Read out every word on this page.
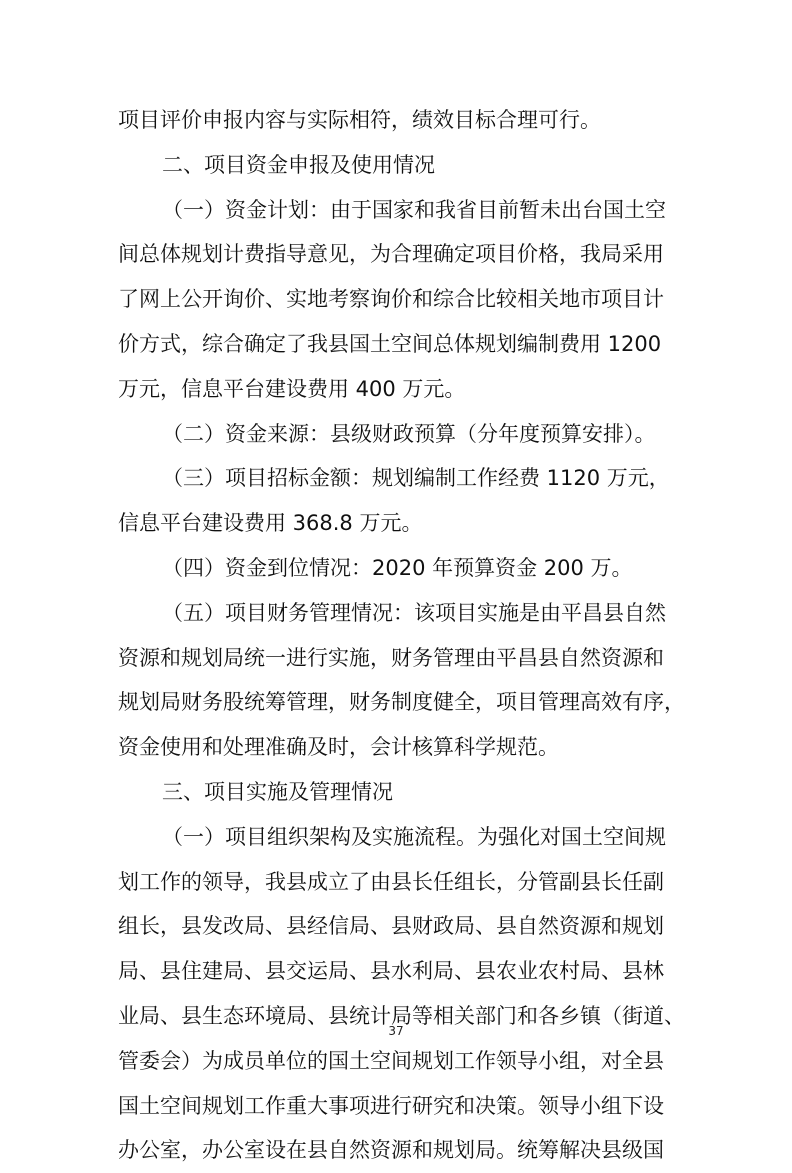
项目评价申报内容与实际相符，绩效目标合理可行。
二、项目资金申报及使用情况
（一）资金计划：由于国家和我省目前暂未出台国土空
间总体规划计费指导意见，为合理确定项目价格，我局采用
了网上公开询价、实地考察询价和综合比较相关地市项目计
价方式，综合确定了我县国土空间总体规划编制费用 1200
万元，信息平台建设费用 400 万元。
（二）资金来源：县级财政预算（分年度预算安排）。
（三）项目招标金额：规划编制工作经费 1120 万元，
信息平台建设费用 368.8 万元。
（四）资金到位情况：2020 年预算资金 200 万。
（五）项目财务管理情况：该项目实施是由平昌县自然
资源和规划局统一进行实施，财务管理由平昌县自然资源和
规划局财务股统筹管理，财务制度健全，项目管理高效有序，
资金使用和处理准确及时，会计核算科学规范。
三、项目实施及管理情况
（一）项目组织架构及实施流程。为强化对国土空间规
划工作的领导，我县成立了由县长任组长，分管副县长任副
组长，县发改局、县经信局、县财政局、县自然资源和规划
局、县住建局、县交运局、县水利局、县农业农村局、县林
业局、县生态环境局、县统计局等相关部门和各乡镇（街道、
管委会）为成员单位的国土空间规划工作领导小组，对全县
国土空间规划工作重大事项进行研究和决策。领导小组下设
办公室，办公室设在县自然资源和规划局。统筹解决县级国
37
